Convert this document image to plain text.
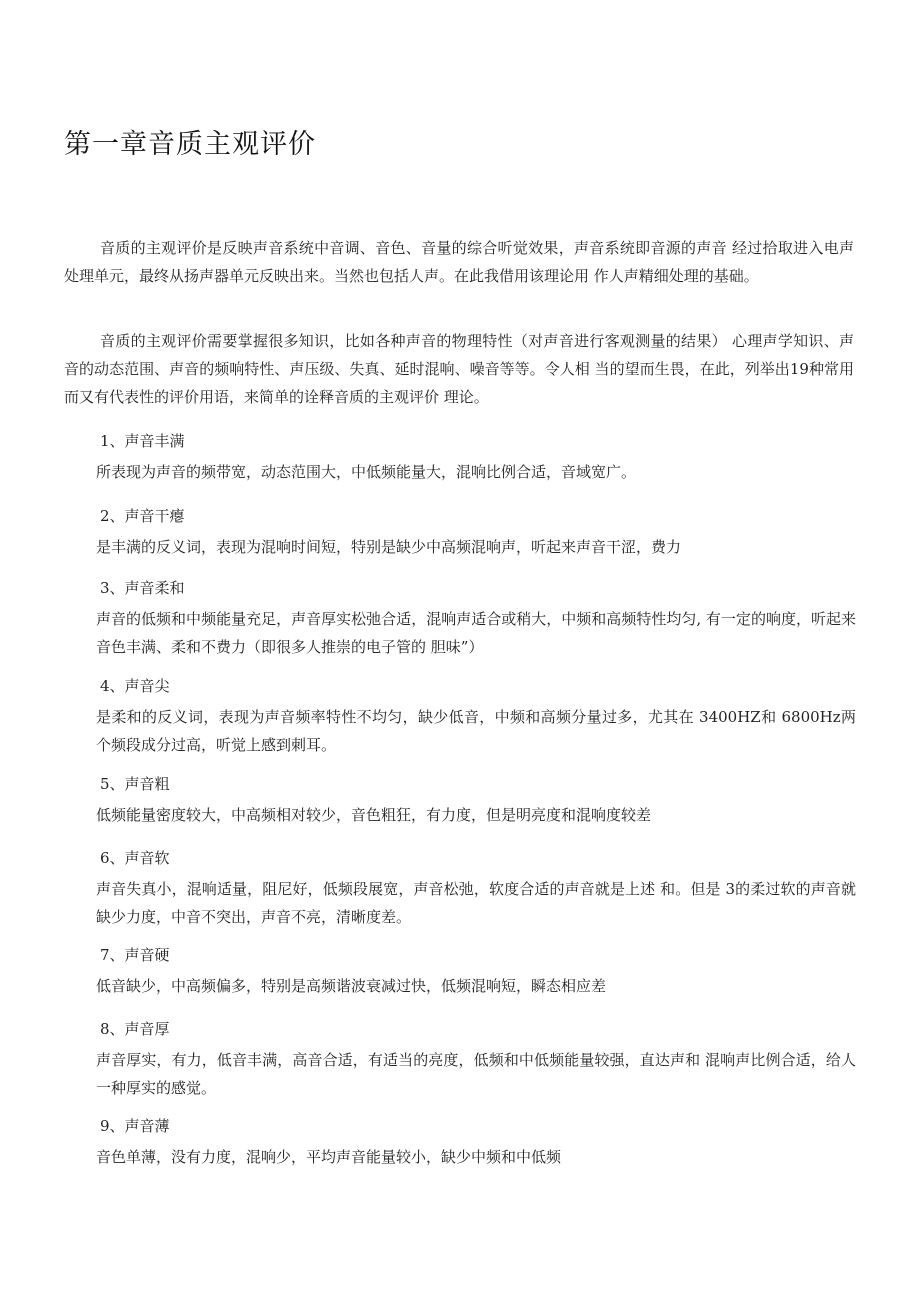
第一章音质主观评价

音质的主观评价是反映声音系统中音调、音色、音量的综合听觉效果，声音系统即音源的声音 经过拾取进入电声处理单元，最终从扬声器单元反映出来。当然也包括人声。在此我借用该理论用 作人声精细处理的基础。

音质的主观评价需要掌握很多知识，比如各种声音的物理特性（对声音进行客观测量的结果） 心理声学知识、声音的动态范围、声音的频响特性、声压级、失真、延时混响、噪音等等。令人相 当的望而生畏，在此，列举出19种常用而又有代表性的评价用语，来简单的诠释音质的主观评价 理论。

1、声音丰满

所表现为声音的频带宽，动态范围大，中低频能量大，混响比例合适，音域宽广。

2、声音干瘪

是丰满的反义词，表现为混响时间短，特别是缺少中高频混响声，听起来声音干涩，费力

3、声音柔和

声音的低频和中频能量充足，声音厚实松弛合适，混响声适合或稍大，中频和高频特性均匀, 有一定的响度，听起来音色丰满、柔和不费力（即很多人推崇的电子管的 胆味”）

4、声音尖

是柔和的反义词，表现为声音频率特性不均匀，缺少低音，中频和高频分量过多，尤其在 3400HZ和 6800Hz两个频段成分过高，听觉上感到刺耳。

5、声音粗

低频能量密度较大，中高频相对较少，音色粗狂，有力度，但是明亮度和混响度较差

6、声音软

声音失真小，混响适量，阻尼好，低频段展宽，声音松弛，软度合适的声音就是上述 和。但是 3的柔过软的声音就缺少力度，中音不突出，声音不亮，清晰度差。

7、声音硬

低音缺少，中高频偏多，特别是高频谐波衰减过快，低频混响短，瞬态相应差

8、声音厚

声音厚实，有力，低音丰满，高音合适，有适当的亮度，低频和中低频能量较强，直达声和 混响声比例合适，给人一种厚实的感觉。

9、声音薄

音色单薄，没有力度，混响少，平均声音能量较小，缺少中频和中低频
